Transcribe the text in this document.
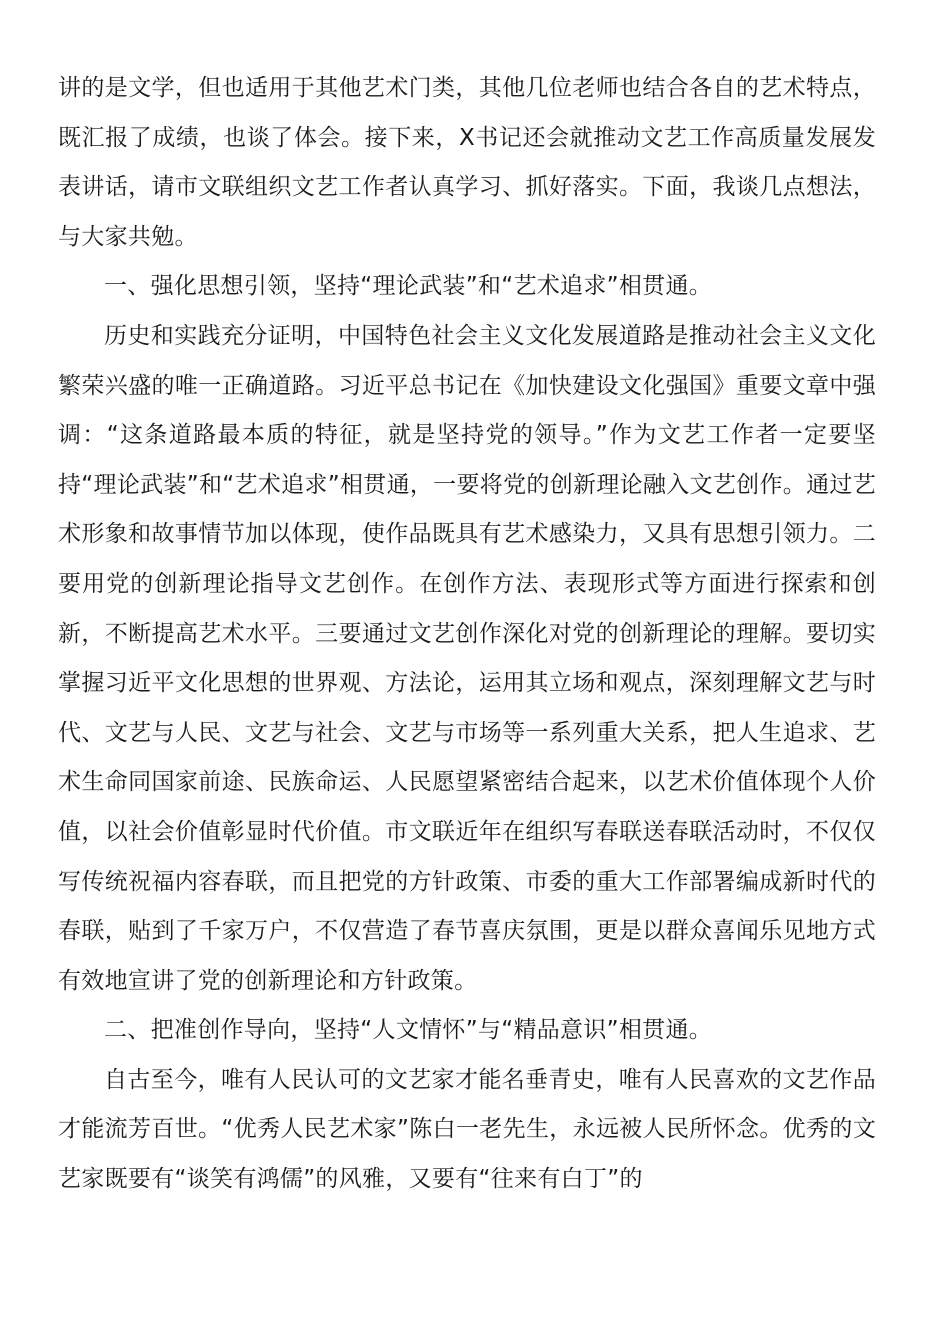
讲的是文学，但也适用于其他艺术门类，其他几位老师也结合各自的艺术特点，既汇报了成绩，也谈了体会。接下来，X书记还会就推动文艺工作高质量发展发表讲话，请市文联组织文艺工作者认真学习、抓好落实。下面，我谈几点想法，与大家共勉。

一、强化思想引领，坚持“理论武装”和“艺术追求”相贯通。

历史和实践充分证明，中国特色社会主义文化发展道路是推动社会主义文化繁荣兴盛的唯一正确道路。习近平总书记在《加快建设文化强国》重要文章中强调：“这条道路最本质的特征，就是坚持党的领导。”作为文艺工作者一定要坚持“理论武装”和“艺术追求”相贯通，一要将党的创新理论融入文艺创作。通过艺术形象和故事情节加以体现，使作品既具有艺术感染力，又具有思想引领力。二要用党的创新理论指导文艺创作。在创作方法、表现形式等方面进行探索和创新，不断提高艺术水平。三要通过文艺创作深化对党的创新理论的理解。要切实掌握习近平文化思想的世界观、方法论，运用其立场和观点，深刻理解文艺与时代、文艺与人民、文艺与社会、文艺与市场等一系列重大关系，把人生追求、艺术生命同国家前途、民族命运、人民愿望紧密结合起来，以艺术价值体现个人价值，以社会价值彰显时代价值。市文联近年在组织写春联送春联活动时，不仅仅写传统祝福内容春联，而且把党的方针政策、市委的重大工作部署编成新时代的春联，贴到了千家万户，不仅营造了春节喜庆氛围，更是以群众喜闻乐见地方式有效地宣讲了党的创新理论和方针政策。

二、把准创作导向，坚持“人文情怀”与“精品意识”相贯通。

自古至今，唯有人民认可的文艺家才能名垂青史，唯有人民喜欢的文艺作品才能流芳百世。“优秀人民艺术家”陈白一老先生，永远被人民所怀念。优秀的文艺家既要有“谈笑有鸿儒”的风雅，又要有“往来有白丁”的
